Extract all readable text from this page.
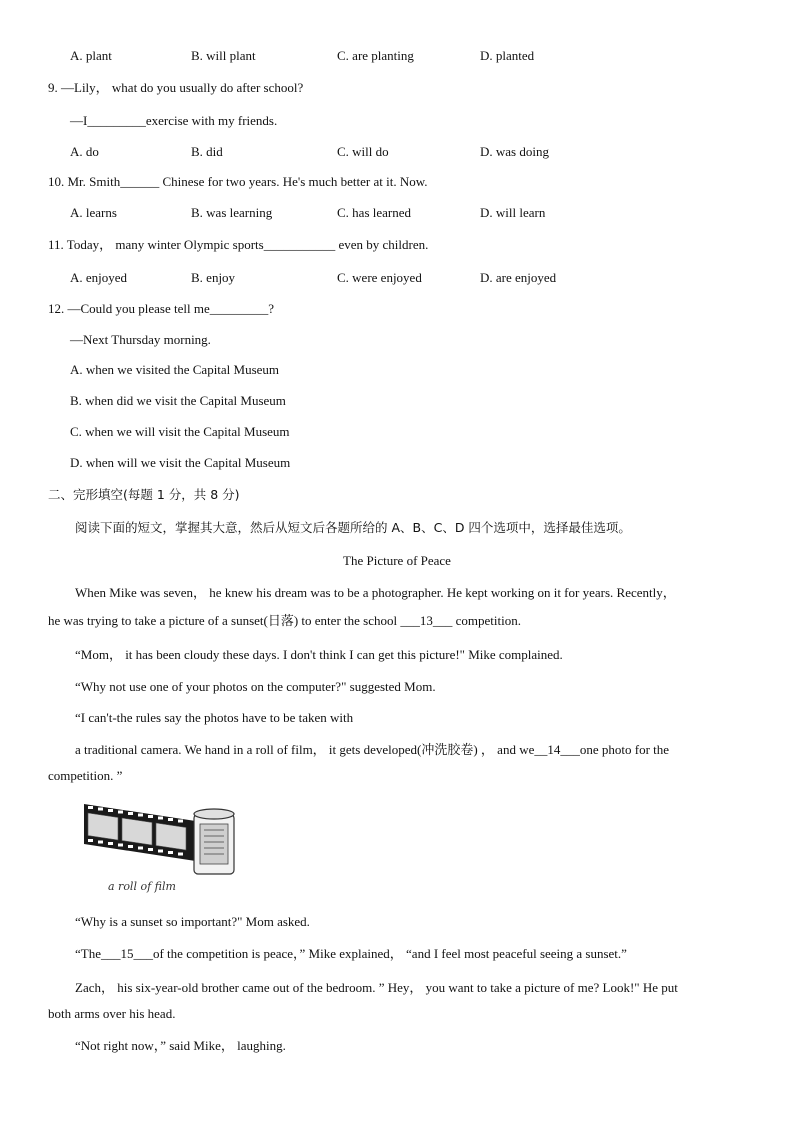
A. plant	B. will plant	C. are planting	D. planted
9. —Lily， what do you usually do after school?
—I_________exercise with my friends.
A. do	B. did	C. will do	D. was doing
10. Mr. Smith______ Chinese for two years. He's much better at it. Now.
A. learns	B. was learning	C. has learned	D. will learn
11. Today， many winter Olympic sports___________ even by children.
A. enjoyed	B. enjoy	C. were enjoyed	D. are enjoyed
12. —Could you please tell me_________?
—Next Thursday morning.
A. when we visited the Capital Museum
B. when did we visit the Capital Museum
C. when we will visit the Capital Museum
D. when will we visit the Capital Museum
二、完形填空(每题 1 分，共 8 分)
阅读下面的短文，掌握其大意，然后从短文后各题所给的 A、B、C、D 四个选项中，选择最佳选项。
The Picture of Peace
When Mike was seven， he knew his dream was to be a photographer. He kept working on it for years. Recently，
he was trying to take a picture of a sunset(日落) to enter the school ___13___ competition.
“Mom， it has been cloudy these days. I don't think I can get this picture!" Mike complained.
“Why not use one of your photos on the computer?" suggested Mom.
“I can't-the rules say the photos have to be taken with
a traditional camera. We hand in a roll of film， it gets developed(冲洗胶卷) ， and we__14___one photo for the
competition. ”
a roll of film
“Why is a sunset so important?" Mom asked.
“The___15___of the competition is peace，” Mike explained， “and I feel most peaceful seeing a sunset.”
Zach， his six-year-old brother came out of the bedroom. ” Hey， you want to take a picture of me? Look!" He put
both arms over his head.
“Not right now，” said Mike， laughing.
